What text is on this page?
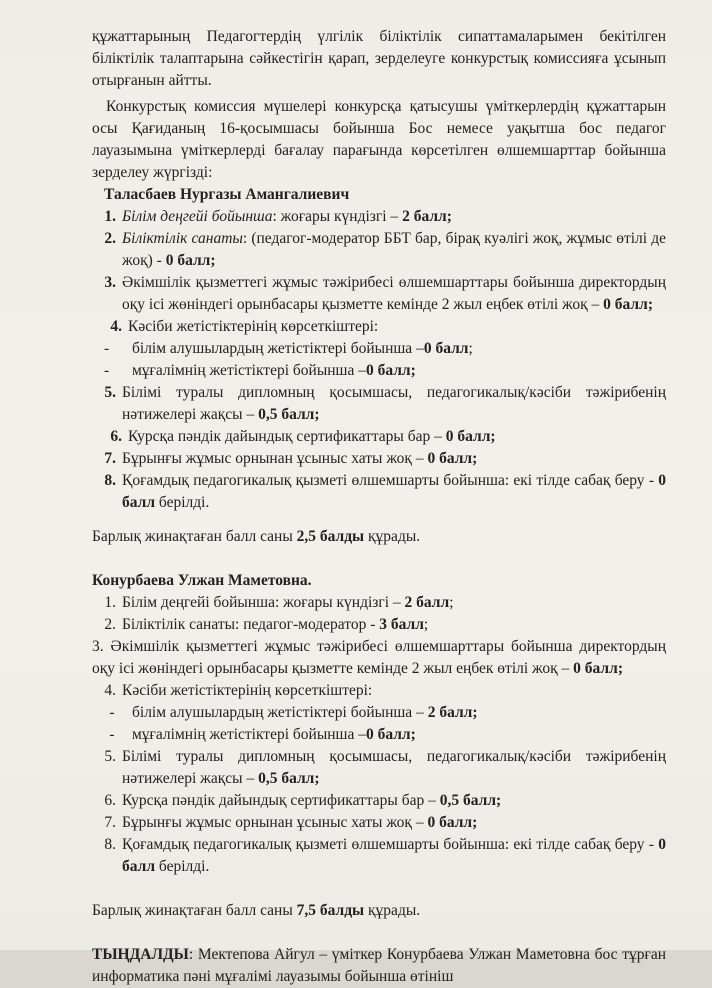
құжаттарының Педагогтердің үлгілік біліктілік сипаттамаларымен бекітілген біліктілік талаптарына сәйкестігін қарап, зерделеуге конкурстық комиссияға ұсынып отырғанын айтты.

Конкурстық комиссия мүшелері конкурсқа қатысушы үміткерлердің құжаттарын осы Қағиданың 16-қосымшасы бойынша Бос немесе уақытша бос педагог лауазымына үміткерлерді бағалау парағында көрсетілген өлшемшарттар бойынша зерделеу жүргізді:

Таласбаев Нургазы Амангалиевич
1. Білім деңгейі бойынша: жоғары күндізгі – 2 балл;
2. Біліктілік санаты: (педагог-модератор ББТ бар, бірақ куәлігі жоқ, жұмыс өтілі де жоқ) - 0 балл;
3. Әкімшілік қызметтегі жұмыс тәжірибесі өлшемшарттары бойынша директордың оқу ісі жөніндегі орынбасары қызметте кемінде 2 жыл еңбек өтілі жоқ – 0 балл;
4. Кәсіби жетістіктерінің көрсеткіштері:
-	білім алушылардың жетістіктері бойынша –0 балл;
-	мұғалімнің жетістіктері бойынша –0 балл;
5. Білімі туралы дипломның қосымшасы, педагогикалық/кәсіби тәжірибенің нәтижелері жақсы – 0,5 балл;
6. Курсқа пәндік дайындық сертификаттары бар – 0 балл;
7. Бұрынғы жұмыс орнынан ұсыныс хаты жоқ – 0 балл;
8. Қоғамдық педагогикалық қызметі өлшемшарты бойынша: екі тілде сабақ беру - 0 балл берілді.

Барлық жинақтаған балл саны 2,5 балды құрады.

Конурбаева Улжан Маметовна.
1. Білім деңгейі бойынша: жоғары күндізгі – 2 балл;
2. Біліктілік санаты: педагог-модератор - 3 балл;

3. Әкімшілік қызметтегі жұмыс тәжірибесі өлшемшарттары бойынша директордың оқу ісі жөніндегі орынбасары қызметте кемінде 2 жыл еңбек өтілі жоқ – 0 балл;

4. Кәсіби жетістіктерінің көрсеткіштері:
-	білім алушылардың жетістіктері бойынша – 2 балл;
-	мұғалімнің жетістіктері бойынша –0 балл;
5. Білімі туралы дипломның қосымшасы, педагогикалық/кәсіби тәжірибенің нәтижелері жақсы – 0,5 балл;
6. Курсқа пәндік дайындық сертификаттары бар – 0,5 балл;
7. Бұрынғы жұмыс орнынан ұсыныс хаты жоқ – 0 балл;
8. Қоғамдық педагогикалық қызметі өлшемшарты бойынша: екі тілде сабақ беру - 0 балл берілді.

Барлық жинақтаған балл саны 7,5 балды құрады.

ТЫҢДАЛДЫ: Мектепова Айгул – үміткер Конурбаева Улжан Маметовна бос тұрған информатика пәні мұғалімі лауазымы бойынша өтініш
